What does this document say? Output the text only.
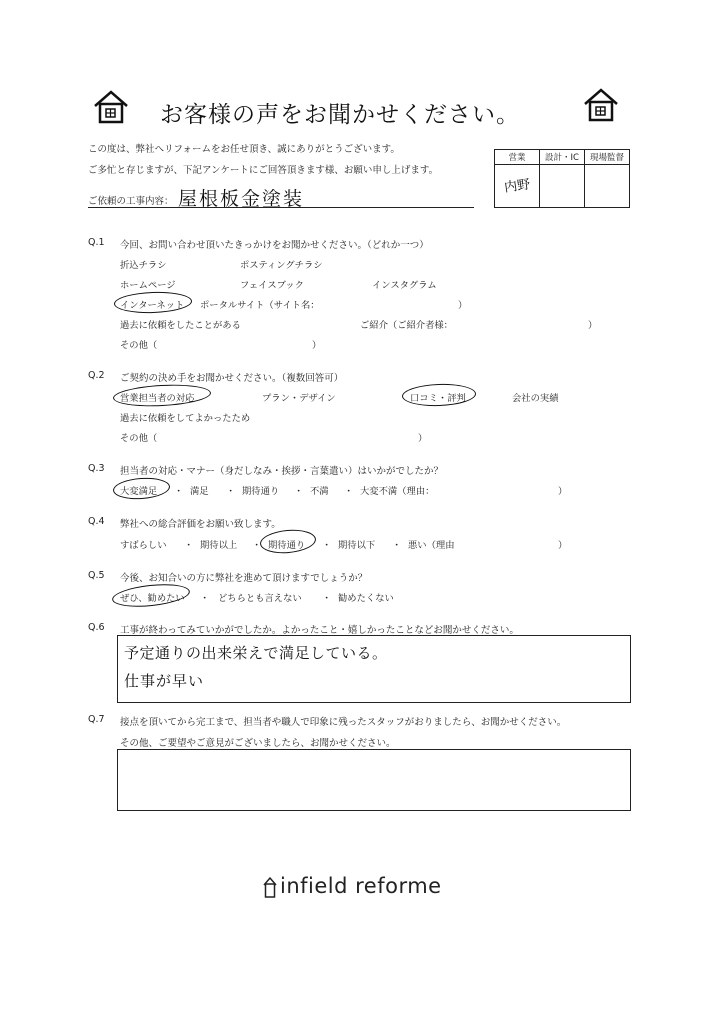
お客様の声をお聞かせください。
この度は、弊社へリフォームをお任せ頂き、誠にありがとうございます。
ご多忙と存じますが、下記アンケートにご回答頂きます様、お願い申し上げます。
営業	設計・IC	現場監督
内野		
ご依頼の工事内容： 屋根板金塗装
Q.1 今回、お問い合わせ頂いたきっかけをお聞かせください。（どれか一つ）
折込チラシ	ポスティングチラシ
ホームページ	フェイスブック	インスタグラム
インターネット ポータルサイト（サイト名：	）
過去に依頼をしたことがある	ご紹介（ご紹介者様：	）
その他（	）
Q.2 ご契約の決め手をお聞かせください。（複数回答可）
営業担当者の対応	プラン・デザイン	口コミ・評判	会社の実績
過去に依頼をしてよかったため
その他（	）
Q.3 担当者の対応・マナー（身だしなみ・挨拶・言葉遣い）はいかがでしたか？
大変満足 ・ 満足 ・ 期待通り ・ 不満 ・ 大変不満（理由：	）
Q.4 弊社への総合評価をお願い致します。
すばらしい ・ 期待以上 ・ 期待通り ・ 期待以下 ・ 悪い（理由	）
Q.5 今後、お知合いの方に弊社を進めて頂けますでしょうか？
ぜひ、勧めたい ・ どちらとも言えない ・ 勧めたくない
Q.6 工事が終わってみていかがでしたか。よかったこと・嬉しかったことなどお聞かせください。
予定通りの出来栄えで満足している。
仕事が早い
Q.7 接点を頂いてから完工まで、担当者や職人で印象に残ったスタッフがおりましたら、お聞かせください。
その他、ご要望やご意見がございましたら、お聞かせください。
infield reforme
